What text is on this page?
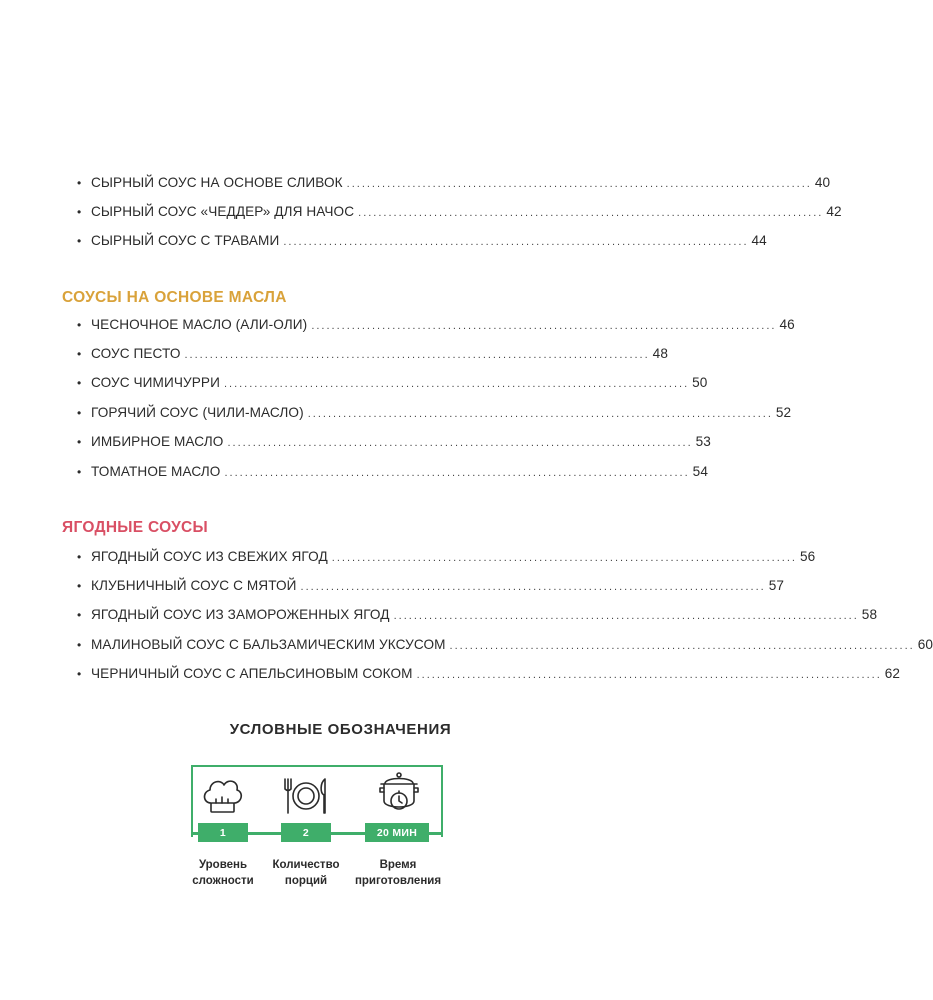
• СЫРНЫЙ СОУС НА ОСНОВЕ СЛИВОК ............................................................................................ 40
• СЫРНЫЙ СОУС «ЧЕДДЕР» ДЛЯ НАЧОС ............................................................................................ 42
• СЫРНЫЙ СОУС С ТРАВАМИ ............................................................................................ 44
СОУСЫ НА ОСНОВЕ МАСЛА
• ЧЕСНОЧНОЕ МАСЛО (АЛИ-ОЛИ) ............................................................................................ 46
• СОУС ПЕСТО ............................................................................................ 48
• СОУС ЧИМИЧУРРИ ............................................................................................ 50
• ГОРЯЧИЙ СОУС (ЧИЛИ-МАСЛО) ............................................................................................ 52
• ИМБИРНОЕ МАСЛО ............................................................................................ 53
• ТОМАТНОЕ МАСЛО ............................................................................................ 54
ЯГОДНЫЕ СОУСЫ
• ЯГОДНЫЙ СОУС ИЗ СВЕЖИХ ЯГОД ............................................................................................ 56
• КЛУБНИЧНЫЙ СОУС С МЯТОЙ ............................................................................................ 57
• ЯГОДНЫЙ СОУС ИЗ ЗАМОРОЖЕННЫХ ЯГОД ............................................................................................ 58
• МАЛИНОВЫЙ СОУС С БАЛЬЗАМИЧЕСКИМ УКСУСОМ ............................................................................................ 60
• ЧЕРНИЧНЫЙ СОУС С АПЕЛЬСИНОВЫМ СОКОМ ............................................................................................ 62
УСЛОВНЫЕ ОБОЗНАЧЕНИЯ
1	2	20 МИН
Уровень
сложности
Количество
порций
Время
приготовления
